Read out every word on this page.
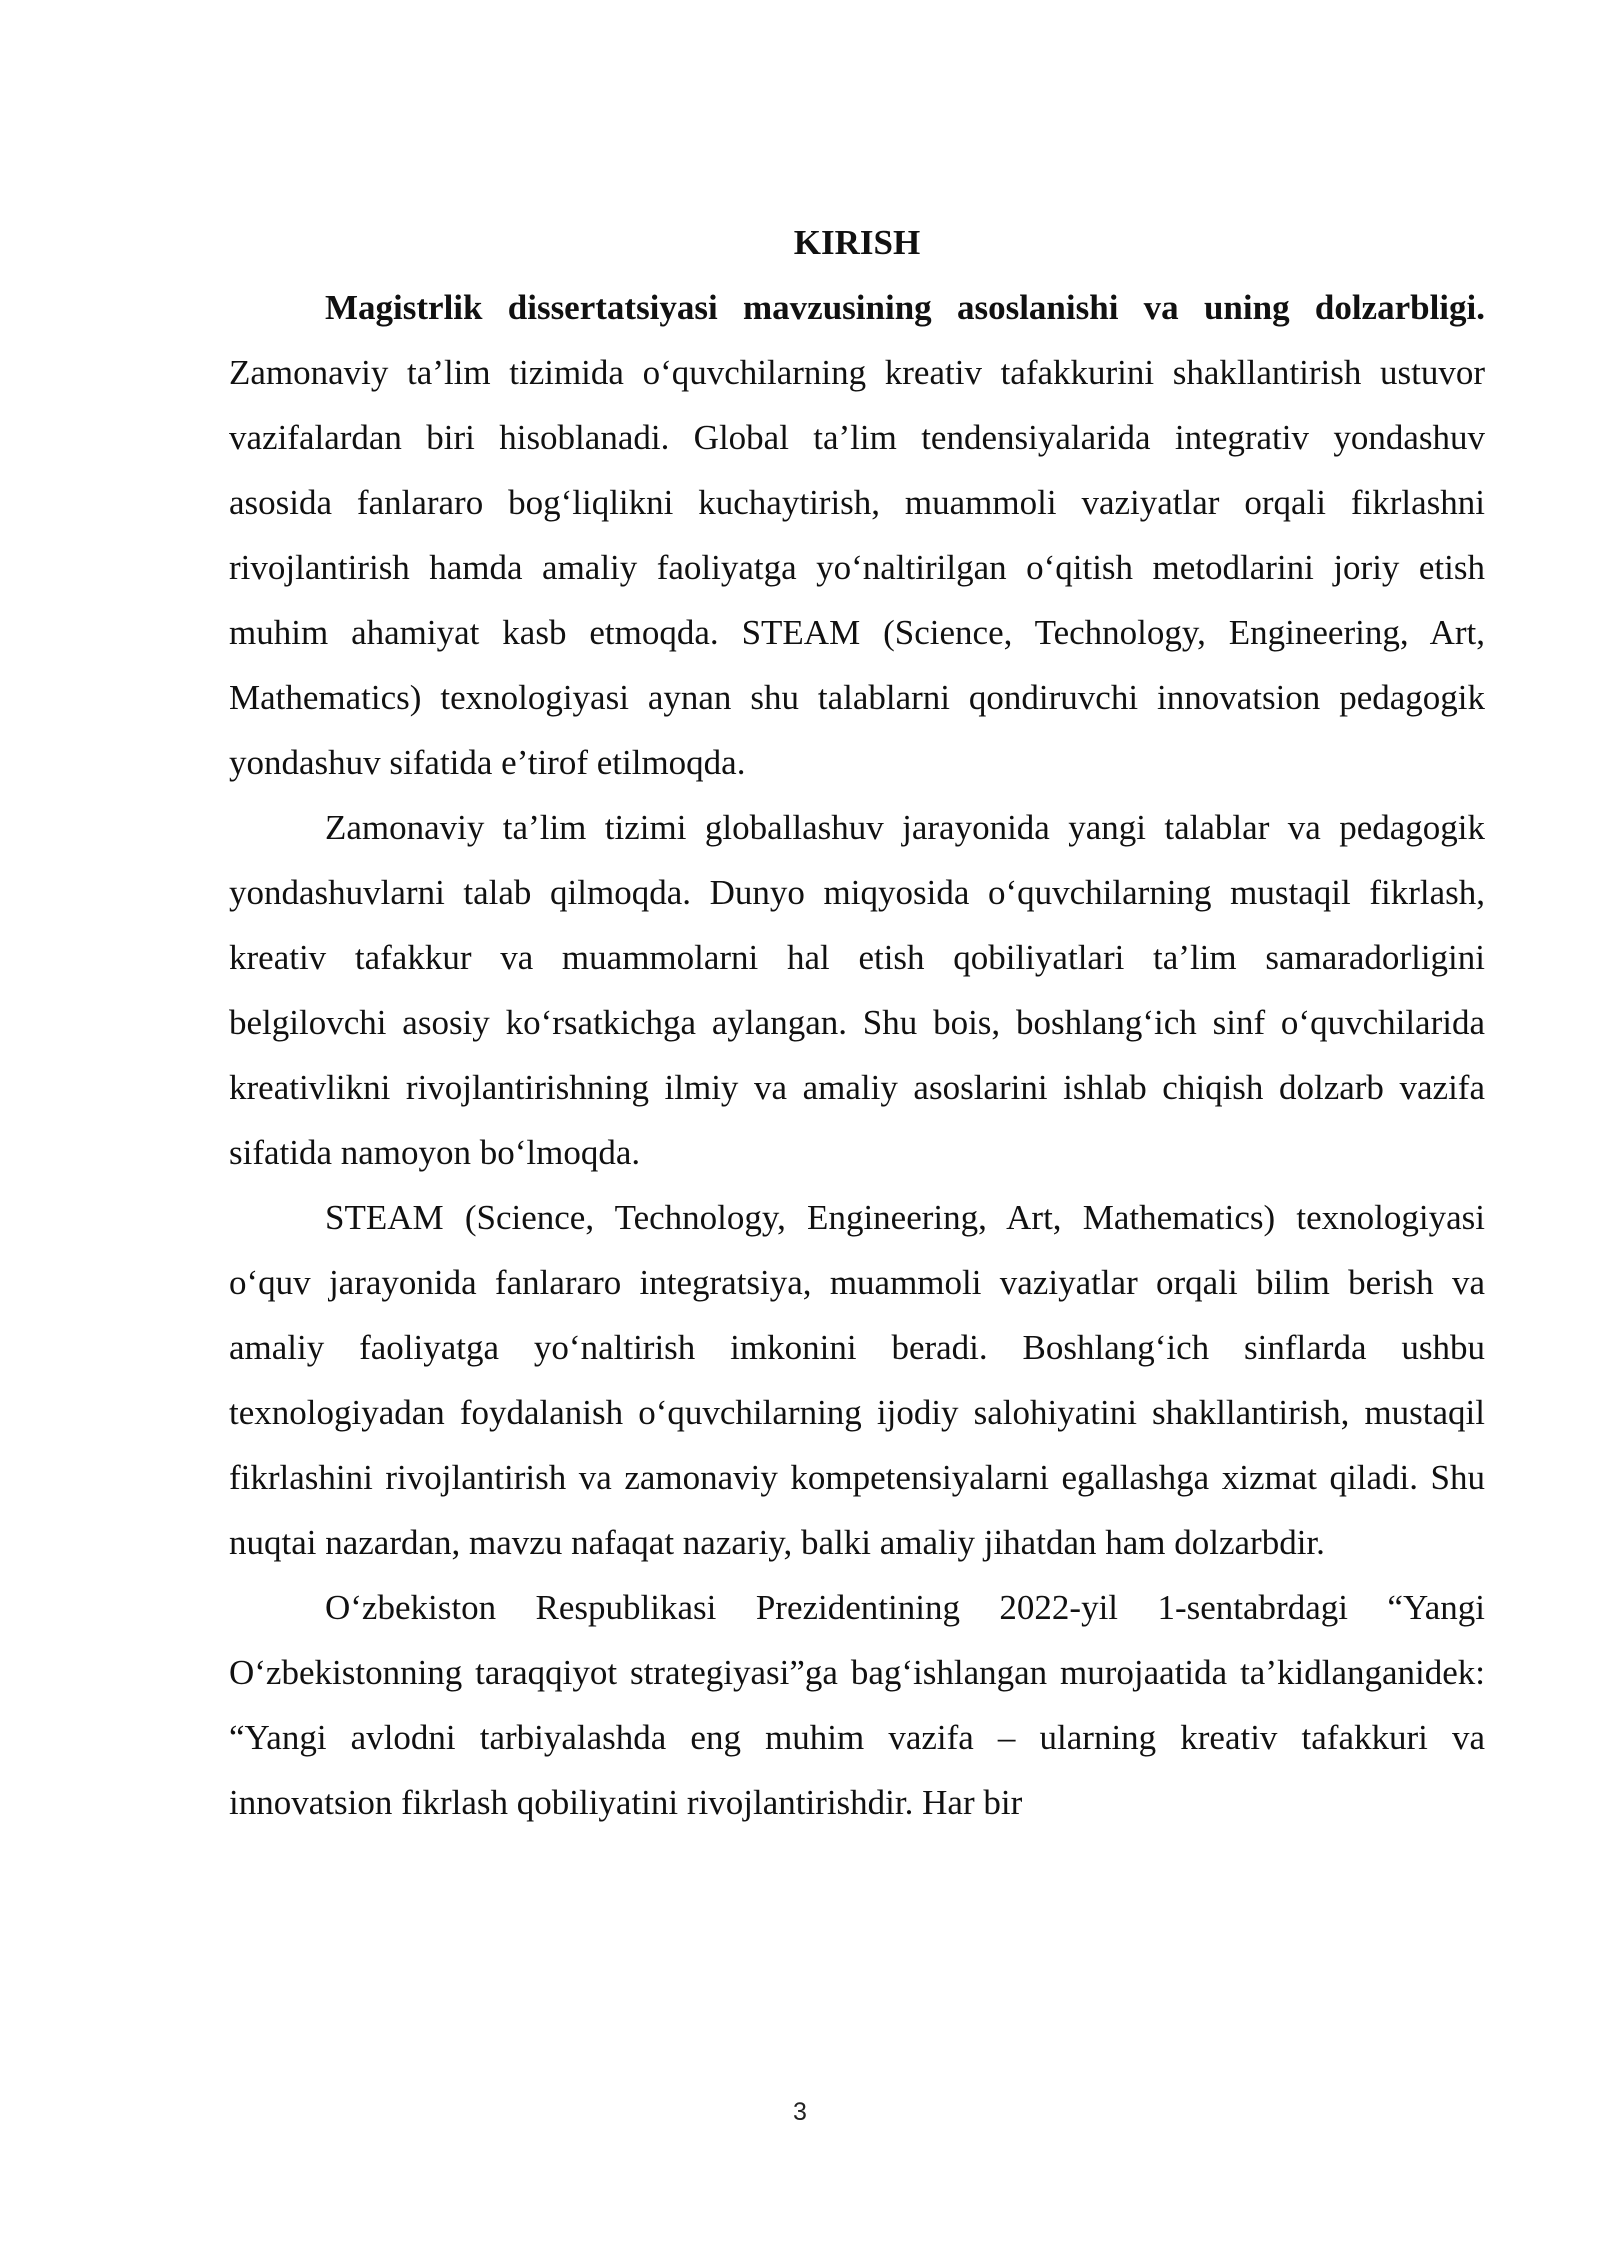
KIRISH

Magistrlik dissertatsiyasi mavzusining asoslanishi va uning dolzarbligi. Zamonaviy ta’lim tizimida o‘quvchilarning kreativ tafakkurini shakllantirish ustuvor vazifalardan biri hisoblanadi. Global ta’lim tendensiyalarida integrativ yondashuv asosida fanlararo bog‘liqlikni kuchaytirish, muammoli vaziyatlar orqali fikrlashni rivojlantirish hamda amaliy faoliyatga yo‘naltirilgan o‘qitish metodlarini joriy etish muhim ahamiyat kasb etmoqda. STEAM (Science, Technology, Engineering, Art, Mathematics) texnologiyasi aynan shu talablarni qondiruvchi innovatsion pedagogik yondashuv sifatida e’tirof etilmoqda.

Zamonaviy ta’lim tizimi globallashuv jarayonida yangi talablar va pedagogik yondashuvlarni talab qilmoqda. Dunyo miqyosida o‘quvchilarning mustaqil fikrlash, kreativ tafakkur va muammolarni hal etish qobiliyatlari ta’lim samaradorligini belgilovchi asosiy ko‘rsatkichga aylangan. Shu bois, boshlang‘ich sinf o‘quvchilarida kreativlikni rivojlantirishning ilmiy va amaliy asoslarini ishlab chiqish dolzarb vazifa sifatida namoyon bo‘lmoqda.

STEAM (Science, Technology, Engineering, Art, Mathematics) texnologiyasi o‘quv jarayonida fanlararo integratsiya, muammoli vaziyatlar orqali bilim berish va amaliy faoliyatga yo‘naltirish imkonini beradi. Boshlang‘ich sinflarda ushbu texnologiyadan foydalanish o‘quvchilarning ijodiy salohiyatini shakllantirish, mustaqil fikrlashini rivojlantirish va zamonaviy kompetensiyalarni egallashga xizmat qiladi. Shu nuqtai nazardan, mavzu nafaqat nazariy, balki amaliy jihatdan ham dolzarbdir.

O‘zbekiston Respublikasi Prezidentining 2022-yil 1-sentabrdagi “Yangi O‘zbekistonning taraqqiyot strategiyasi”ga bag‘ishlangan murojaatida ta’kidlanganidek: “Yangi avlodni tarbiyalashda eng muhim vazifa – ularning kreativ tafakkuri va innovatsion fikrlash qobiliyatini rivojlantirishdir. Har bir

3
